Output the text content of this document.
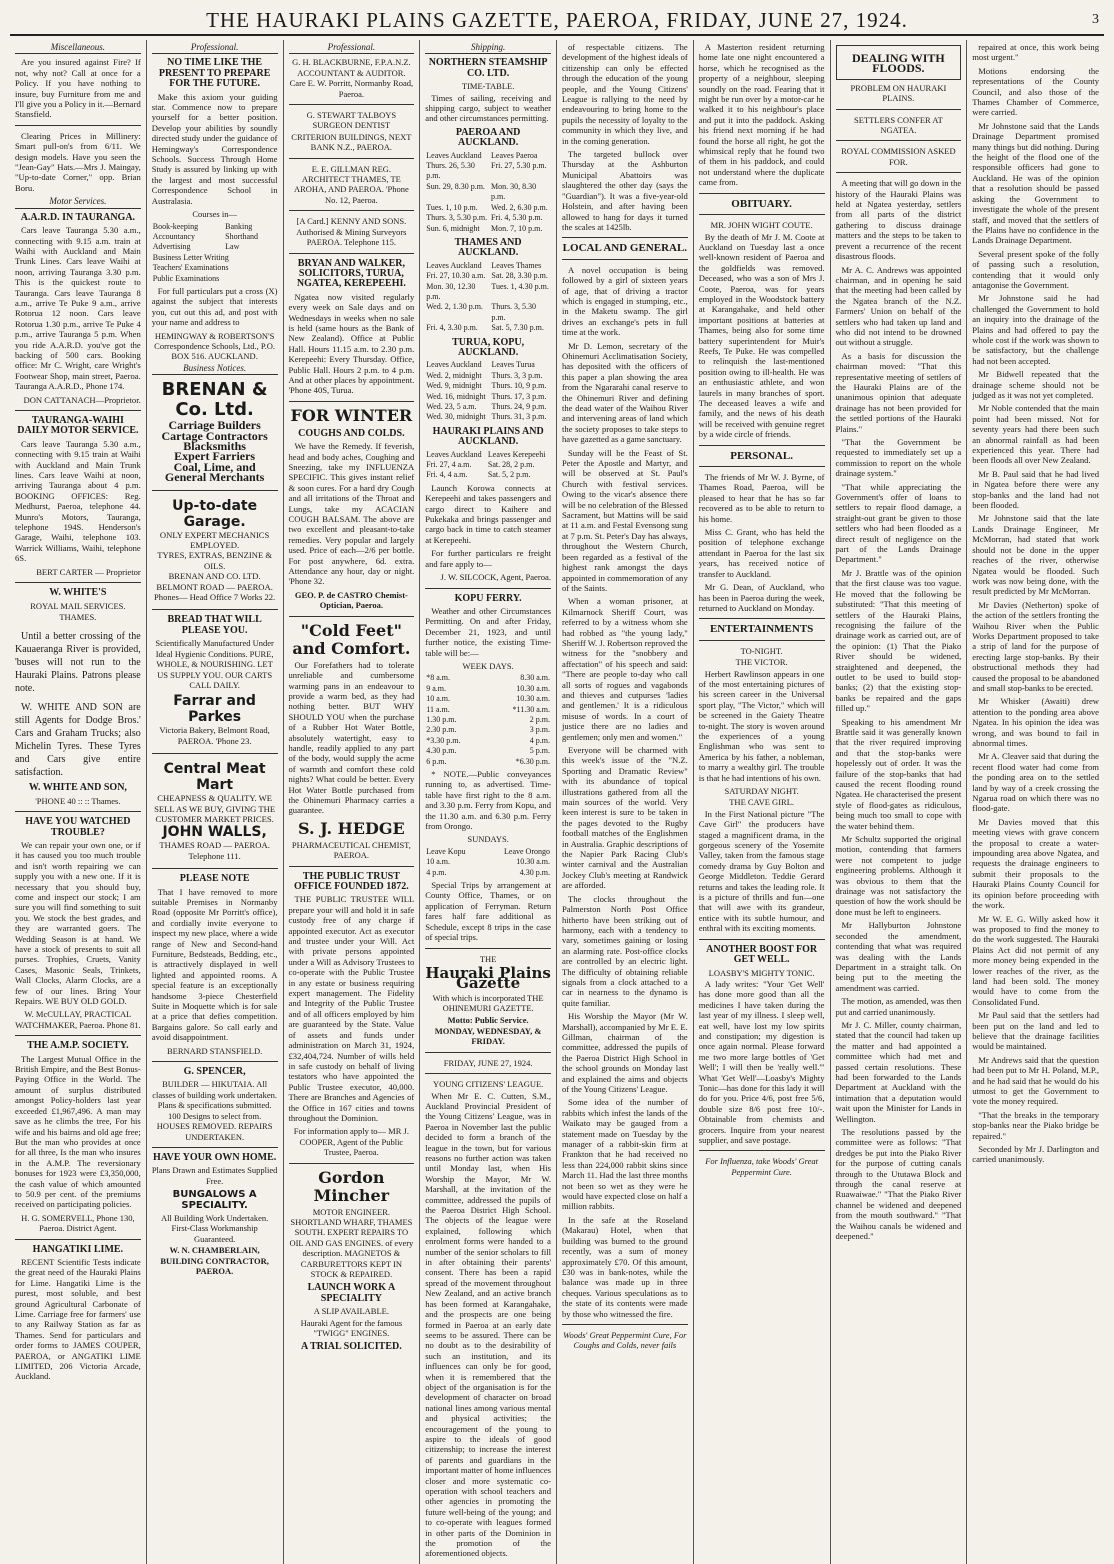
THE HAURAKI PLAINS GAZETTE, PAEROA, FRIDAY, JUNE 27, 1924.	3
Miscellaneous.

Are you insured against Fire? If not, why not? Call at once for a Policy. If you have nothing to insure, buy Furniture from me and I'll give you a Policy in it.—Bernard Stansfield.

Clearing Prices in Millinery: Smart pull-on's from 6/11. We design models. Have you seen the "Jean-Gay" Hats.—Mrs J. Maingay, "Up-to-date Corner," opp. Brian Boru.

Motor Services.
A.A.R.D. IN TAURANGA.

Cars leave Tauranga 5.30 a.m., connecting with 9.15 a.m. train at Waihi with Auckland and Main Trunk Lines. Cars leave Waihi at noon, arriving Tauranga 3.30 p.m. This is the quickest route to Tauranga. Cars leave Tauranga 8 a.m., arrive Te Puke 9 a.m., arrive Rotorua 12 noon. Cars leave Rotorua 1.30 p.m., arrive Te Puke 4 p.m., arrive Tauranga 5 p.m. When you ride A.A.R.D. you've got the backing of 500 cars. Booking office: Mr C. Wright, care Wright's Footwear Shop, main street, Paeroa. Tauranga A.A.R.D., Phone 174.

DON CATTANACH—Proprietor.

TAURANGA-WAIHI DAILY MOTOR SERVICE.

Cars leave Tauranga 5.30 a.m., connecting with 9.15 train at Waihi with Auckland and Main Trunk lines. Cars leave Waihi at noon, arriving Tauranga about 4 p.m. BOOKING OFFICES: Reg. Medhurst, Paeroa, telephone 44. Munro's Motors, Tauranga, telephone 194S. Henderson's Garage, Waihi, telephone 103. Warrick Williams, Waihi, telephone 6S.

BERT CARTER — Proprietor

W. WHITE'S
ROYAL MAIL SERVICES.
THAMES.

Until a better crossing of the Kauaeranga River is provided, 'buses will not run to the Hauraki Plains. Patrons please note.

W. WHITE AND SON are still Agents for Dodge Bros.' Cars and Graham Trucks; also Michelin Tyres. These Tyres and Cars give entire satisfaction.

W. WHITE AND SON,
'PHONE 40 :: :: Thames.
HAVE YOU WATCHED TROUBLE?

We can repair your own one, or if it has caused you too much trouble and isn't worth repairing we can supply you with a new one. If it is necessary that you should buy, come and inspect our stock; I am sure you will find something to suit you. We stock the best grades, and they are warranted goers. The Wedding Season is at hand. We have a stock of presents to suit all purses. Trophies, Cruets, Vanity Cases, Masonic Seals, Trinkets, Wall Clocks, Alarm Clocks, are a few of our lines. Bring Your Repairs. WE BUY OLD GOLD.

W. McCULLAY, PRACTICAL WATCHMAKER, Paeroa. Phone 81.

THE A.M.P. SOCIETY.

The Largest Mutual Office in the British Empire, and the Best Bonus-Paying Office in the World. The amount of surplus distributed amongst Policy-holders last year exceeded £1,967,496. A man may save as he climbs the tree, For his wife and his bairns and old age free; But the man who provides at once for all three, Is the man who insures in the A.M.P. The reversionary bonuses for 1923 were £3,350,000, the cash value of which amounted to 50.9 per cent. of the premiums received on participating policies.

H. G. SOMERVELL, Phone 130, Paeroa. District Agent.

HANGATIKI LIME.

RECENT Scientific Tests indicate the great need of the Hauraki Plains for Lime. Hangatiki Lime is the purest, most soluble, and best ground Agricultural Carbonate of Lime. Carriage free for farmers' use to any Railway Station as far as Thames. Send for particulars and order forms to JAMES COUPER, PAEROA, or ANGATIKI LIME LIMITED, 206 Victoria Arcade, Auckland.

Professional.
NO TIME LIKE THE PRESENT TO PREPARE FOR THE FUTURE.

Make this axiom your guiding star. Commence now to prepare yourself for a better position. Develop your abilities by soundly directed study under the guidance of Hemingway's Correspondence Schools. Success Through Home Study is assured by linking up with the largest and most successful Correspondence School in Australasia.

Courses in—
Book-keeping	Banking
Accountancy	Shorthand
Advertising	Law
Business Letter Writing	
Teachers' Examinations	
Public Examinations	

For full particulars put a cross (X) against the subject that interests you, cut out this ad, and post with your name and address to

HEMINGWAY & ROBERTSON'S Correspondence Schools, Ltd., P.O. BOX 516. AUCKLAND.

Business Notices.
BRENAN & Co. Ltd.
Carriage Builders
Cartage Contractors
Blacksmiths
Expert Farriers
Coal, Lime, and
General Merchants
Up-to-date Garage.
ONLY EXPERT MECHANICS EMPLOYED.
TYRES, EXTRAS, BENZINE & OILS.
BRENAN AND CO. LTD. BELMONT ROAD — PAEROA. Phones— Head Office 7 Works 22.
BREAD THAT WILL PLEASE YOU.

Scientifically Manufactured Under Ideal Hygienic Conditions. PURE, WHOLE, & NOURISHING. LET US SUPPLY YOU. OUR CARTS CALL DAILY.

Farrar and Parkes
Victoria Bakery, Belmont Road, PAEROA. 'Phone 23.
Central Meat Mart
CHEAPNESS & QUALITY. WE SELL AS WE BUY, GIVING THE CUSTOMER MARKET PRICES.
JOHN WALLS,
THAMES ROAD — PAEROA. Telephone 111.
PLEASE NOTE

That I have removed to more suitable Premises in Normanby Road (opposite Mr Porritt's office), and cordially invite everyone to inspect my new place, where a wide range of New and Second-hand Furniture, Bedsteads, Bedding, etc., is attractively displayed in well lighted and appointed rooms. A special feature is an exceptionally handsome 3-piece Chesterfield Suite in Moquette which is for sale at a price that defies competition. Bargains galore. So call early and avoid disappointment.

BERNARD STANSFIELD.

G. SPENCER,

BUILDER — HIKUTAIA. All classes of building work undertaken. Plans & specifications submitted. 100 Designs to select from. HOUSES REMOVED. REPAIRS UNDERTAKEN.

HAVE YOUR OWN HOME.

Plans Drawn and Estimates Supplied Free.

BUNGALOWS A SPECIALITY.

All Building Work Undertaken. First-Class Workmanship Guaranteed.

W. N. CHAMBERLAIN, BUILDING CONTRACTOR, PAEROA.

Professional.

G. H. BLACKBURNE, F.P.A.N.Z. ACCOUNTANT & AUDITOR. Care E. W. Porritt, Normanby Road, Paeroa.

G. STEWART TALBOYS SURGEON DENTIST

CRITERION BUILDINGS, NEXT BANK N.Z., PAEROA.

E. E. GILLMAN REG. ARCHITECT THAMES, TE AROHA, AND PAEROA. 'Phone No. 12, Paeroa.

[A Card.] KENNY AND SONS. Authorised & Mining Surveyors PAEROA. Telephone 115.

BRYAN AND WALKER, SOLICITORS, TURUA, NGATEA, KEREPEEHI.

Ngatea now visited regularly every week on Sale days and on Wednesdays in weeks when no sale is held (same hours as the Bank of New Zealand). Office at Public Hall. Hours 11.15 a.m. to 2.30 p.m. Kerepeehi: Every Thursday. Office, Public Hall. Hours 2 p.m. to 4 p.m. And at other places by appointment. 'Phone 40S, Turua.

FOR WINTER
COUGHS AND COLDS.

We have the Remedy. If feverish, head and body aches, Coughing and Sneezing, take my INFLUENZA SPECIFIC. This gives instant relief & soon cures. For a hard dry Cough and all irritations of the Throat and Lungs, take my ACACIAN COUGH BALSAM. The above are two excellent and pleasant-to-take remedies. Very popular and largely used. Price of each—2/6 per bottle. For post anywhere, 6d. extra. Attendance any hour, day or night. 'Phone 32.

GEO. P. de CASTRO Chemist-Optician, Paeroa.

"Cold Feet" and Comfort.

Our Forefathers had to tolerate unreliable and cumbersome warming pans in an endeavour to provide a warm bed, as they had nothing better. BUT WHY SHOULD YOU when the purchase of a Rubber Hot Water Bottle, absolutely watertight, easy to handle, readily applied to any part of the body, would supply the acme of warmth and comfort these cold nights? What could be better. Every Hot Water Bottle purchased from the Ohinemuri Pharmacy carries a guarantee.

S. J. HEDGE
PHARMACEUTICAL CHEMIST, PAEROA.
THE PUBLIC TRUST OFFICE FOUNDED 1872.

THE PUBLIC TRUSTEE WILL prepare your will and hold it in safe custody free of any charge if appointed executor. Act as executor and trustee under your Will. Act with private persons appointed under a Will as Advisory Trustees to co-operate with the Public Trustee in any estate or business requiring expert management. The Fidelity and Integrity of the Public Trustee and of all officers employed by him are guaranteed by the State. Value of assets and funds under administration on March 31, 1924, £32,404,724. Number of wills held in safe custody on behalf of living testators who have appointed the Public Trustee executor, 40,000. There are Branches and Agencies of the Office in 167 cities and towns throughout the Dominion.

For information apply to— MR J. COOPER, Agent of the Public Trustee, Paeroa.

Gordon Mincher

MOTOR ENGINEER. SHORTLAND WHARF, THAMES SOUTH. EXPERT REPAIRS TO OIL AND GAS ENGINES. of every description. MAGNETOS & CARBURETTORS KEPT IN STOCK & REPAIRED.

LAUNCH WORK A SPECIALITY
A SLIP AVAILABLE.

Hauraki Agent for the famous "TWIGG" ENGINES.

A TRIAL SOLICITED.
Shipping.
NORTHERN STEAMSHIP CO. LTD.
TIME-TABLE.

Times of sailing, receiving and shipping cargo, subject to weather and other circumstances permitting.

PAEROA AND AUCKLAND.
Leaves Auckland	Leaves Paeroa
Thurs. 26, 5.30 p.m.	Fri. 27, 5.30 p.m.
Sun. 29, 8.30 p.m.	Mon. 30, 8.30 p.m.
Tues. 1, 10 p.m.	Wed. 2, 6.30 p.m.
Thurs. 3, 5.30 p.m.	Fri. 4, 5.30 p.m.
Sun. 6, midnight	Mon. 7, 10 p.m.
THAMES AND AUCKLAND.
Leaves Auckland	Leaves Thames
Fri. 27, 10.30 a.m.	Sat. 28, 3.30 p.m.
Mon. 30, 12.30 p.m.	Tues. 1, 4.30 p.m.
Wed. 2, 1.30 p.m.	Thurs. 3, 5.30 p.m.
Fri. 4, 3.30 p.m.	Sat. 5, 7.30 p.m.
TURUA, KOPU, AUCKLAND.
Leaves Auckland	Leaves Turua
Wed. 2, midnight	Thurs. 3, 3 p.m.
Wed. 9, midnight	Thurs. 10, 9 p.m.
Wed. 16, midnight	Thurs. 17, 3 p.m.
Wed. 23, 5 a.m.	Thurs. 24, 9 p.m.
Wed. 30, midnight	Thurs. 31, 3 p.m.
HAURAKI PLAINS AND AUCKLAND.
Leaves Auckland	Leaves Kerepeehi
Fri. 27, 4 a.m.	Sat. 28, 2 p.m.
Fri. 4, 4 a.m.	Sat. 5, 2 p.m.

Launch Korowa connects at Kerepeehi and takes passengers and cargo direct to Kaihere and Pukekaka and brings passenger and cargo back in time to catch steamer at Kerepeehi.

For further particulars re freight and fare apply to—

J. W. SILCOCK, Agent, Paeroa.

KOPU FERRY.

Weather and other Circumstances Permitting. On and after Friday, December 21, 1923, and until further notice, the existing Time-table will be:—

WEEK DAYS.
*8 a.m.	8.30 a.m.
9 a.m.	10.30 a.m.
10 a.m.	10.30 a.m.
11 a.m.	*11.30 a.m.
1.30 p.m.	2 p.m.
2.30 p.m.	3 p.m.
*3.30 p.m.	4 p.m.
4.30 p.m.	5 p.m.
6 p.m.	*6.30 p.m.

* NOTE.—Public conveyances running to, as advertised. Time-table have first right to the 8 a.m. and 3.30 p.m. Ferry from Kopu, and the 11.30 a.m. and 6.30 p.m. Ferry from Orongo.

SUNDAYS.
Leave Kopu	Leave Orongo
10 a.m.	10.30 a.m.
4 p.m.	4.30 p.m.

Special Trips by arrangement at County Office, Thames, or on application of Ferryman. Return fares half fare additional as Schedule, except 8 trips in the case of special trips.

THE
Hauraki Plains Gazette
With which is incorporated THE OHINEMURI GAZETTE.
Motto: Public Service.
MONDAY, WEDNESDAY, & FRIDAY.
FRIDAY, JUNE 27, 1924.
YOUNG CITIZENS' LEAGUE.

When Mr E. C. Cutten, S.M., Auckland Provincial President of the Young Citizens' League, was in Paeroa in November last the public decided to form a branch of the league in the town, but for various reasons no further action was taken until Monday last, when His Worship the Mayor, Mr W. Marshall, at the invitation of the committee, addressed the pupils of the Paeroa District High School. The objects of the league were explained, following which enrolment forms were handed to a number of the senior scholars to fill in after obtaining their parents' consent. There has been a rapid spread of the movement throughout New Zealand, and an active branch has been formed at Karangahake, and the prospects are one being formed in Paeroa at an early date seems to be assured. There can be no doubt as to the desirability of such an institution, and its influences can only be for good, when it is remembered that the object of the organisation is for the development of character on broad national lines among various mental and physical activities; the encouragement of the young to aspire to the ideals of good citizenship; to increase the interest of parents and guardians in the important matter of home influences closer and more systematic co-operation with school teachers and other agencies in promoting the future well-being of the young; and to co-operate with leagues formed in other parts of the Dominion in the promotion of the aforementioned objects.

of respectable citizens. The development of the highest ideals of citizenship can only be effected through the education of the young people, and the Young Citizens' League is rallying to the need by endeavouring to bring home to the pupils the necessity of loyalty to the community in which they live, and in the coming generation.

The targeted bullock over Thursday at the Ashburton Municipal Abattoirs was slaughtered the other day (says the "Guardian"). It was a five-year-old Holstein, and after having been allowed to hang for days it turned the scales at 1425lb.

LOCAL AND GENERAL.

A novel occupation is being followed by a girl of sixteen years of age, that of driving a tractor which is engaged in stumping, etc., in the Maketu swamp. The girl drives an exchange's pets in full time at the work.

Mr D. Lemon, secretary of the Ohinemuri Acclimatisation Society, has deposited with the officers of this paper a plan showing the area from the Ngararahi canal reserve to the Ohinemuri River and defining the dead water of the Waihou River and intervening areas of land which the society proposes to take steps to have gazetted as a game sanctuary.

Sunday will be the Feast of St. Peter the Apostle and Martyr, and will be observed at St. Paul's Church with festival services. Owing to the vicar's absence there will be no celebration of the Blessed Sacrament, but Mattins will be said at 11 a.m. and Festal Evensong sung at 7 p.m. St. Peter's Day has always, throughout the Western Church, been regarded as a festival of the highest rank amongst the days appointed in commemoration of any of the Saints.

When a woman prisoner, at Kilmarnock Sheriff Court, was referred to by a witness whom she had robbed as "the young lady," Sheriff W. J. Robertson reproved the witness for the "snobbery and affectation" of his speech and said: "There are people to-day who call all sorts of rogues and vagabonds and thieves and cutpurses 'ladies and gentlemen.' It is a ridiculous misuse of words. In a court of justice there are no ladies and gentlemen; only men and women."

Everyone will be charmed with this week's issue of the "N.Z. Sporting and Dramatic Review" with its abundance of topical illustrations gathered from all the main sources of the world. Very keen interest is sure to be taken in the pages devoted to the Rugby football matches of the Englishmen in Australia. Graphic descriptions of the Napier Park Racing Club's winter carnival and the Australian Jockey Club's meeting at Randwick are afforded.

The clocks throughout the Palmerston North Post Office hitherto have been striking out of harmony, each with a tendency to vary, sometimes gaining or losing an alarming rate. Post-office clocks are controlled by an electric light. The difficulty of obtaining reliable signals from a clock attached to a car in nearness to the dynamo is quite familiar.

His Worship the Mayor (Mr W. Marshall), accompanied by Mr E. E. Gillman, chairman of the committee, addressed the pupils of the Paeroa District High School in the school grounds on Monday last and explained the aims and objects of the Young Citizens' League.

Some idea of the number of rabbits which infest the lands of the Waikato may be gauged from a statement made on Tuesday by the manager of a rabbit-skin firm at Frankton that he had received no less than 224,000 rabbit skins since March 11. Had the last three months not been so wet as they were he would have expected close on half a million rabbits.

In the safe at the Roseland (Makarau) Hotel, when that building was burned to the ground recently, was a sum of money approximately £70. Of this amount, £30 was in bank-notes, while the balance was made up in three cheques. Various speculations as to the state of its contents were made by those who witnessed the fire.

Woods' Great Peppermint Cure, For Coughs and Colds, never fails

A Masterton resident returning home late one night encountered a horse, which he recognised as the property of a neighbour, sleeping soundly on the road. Fearing that it might be run over by a motor-car he walked it to his neighbour's place and put it into the paddock. Asking his friend next morning if he had found the horse all right, he got the whimsical reply that he found two of them in his paddock, and could not understand where the duplicate came from.

OBITUARY.
MR. JOHN WIGHT COUTE.

By the death of Mr J. M. Coote at Auckland on Tuesday last a once well-known resident of Paeroa and the goldfields was removed. Deceased, who was a son of Mrs J. Coote, Paeroa, was for years employed in the Woodstock battery at Karangahake, and held other important positions at batteries at Thames, being also for some time battery superintendent for Muir's Reefs, Te Puke. He was compelled to relinquish the last-mentioned position owing to ill-health. He was an enthusiastic athlete, and won laurels in many branches of sport. The deceased leaves a wife and family, and the news of his death will be received with genuine regret by a wide circle of friends.

PERSONAL.

The friends of Mr W. J. Byrne, of Thames Road, Paeroa, will be pleased to hear that he has so far recovered as to be able to return to his home.

Miss C. Grant, who has held the position of telephone exchange attendant in Paeroa for the last six years, has received notice of transfer to Auckland.

Mr G. Dean, of Auckland, who has been in Paeroa during the week, returned to Auckland on Monday.

ENTERTAINMENTS
TO-NIGHT.
THE VICTOR.

Herbert Rawlinson appears in one of the most entertaining pictures of his screen career in the Universal sport play, "The Victor," which will be screened in the Gaiety Theatre to-night. The story is woven around the experiences of a young Englishman who was sent to America by his father, a nobleman, to marry a wealthy girl. The trouble is that he had intentions of his own.

SATURDAY NIGHT.
THE CAVE GIRL.

In the First National picture "The Cave Girl" the producers have staged a magnificent drama, in the gorgeous scenery of the Yosemite Valley, taken from the famous stage comedy drama by Guy Bolton and George Middleton. Teddie Gerard returns and takes the leading role. It is a picture of thrills and fun—one that will awe with its grandeur, entice with its subtle humour, and enthral with its exciting moments.

ANOTHER BOOST FOR GET WELL.
LOASBY'S MIGHTY TONIC.

A lady writes: "Your 'Get Well' has done more good than all the medicines I have taken during the last year of my illness. I sleep well, eat well, have lost my low spirits and constipation; my digestion is once again normal. Please forward me two more large bottles of 'Get Well'; I will then be 'really well.'" What 'Get Well'—Loasby's Mighty Tonic—has done for this lady it will do for you. Price 4/6, post free 5/6, double size 8/6 post free 10/-. Obtainable from chemists and grocers. Inquire from your nearest supplier, and save postage.

For Influenza, take Woods' Great Peppermint Cure.

DEALING WITH FLOODS.
PROBLEM ON HAURAKI PLAINS.
SETTLERS CONFER AT NGATEA.
ROYAL COMMISSION ASKED FOR.

A meeting that will go down in the history of the Hauraki Plains was held at Ngatea yesterday, settlers from all parts of the district gathering to discuss drainage matters and the steps to be taken to prevent a recurrence of the recent disastrous floods.

Mr A. C. Andrews was appointed chairman, and in opening he said that the meeting had been called by the Ngatea branch of the N.Z. Farmers' Union on behalf of the settlers who had taken up land and who did not intend to be drowned out without a struggle.

As a basis for discussion the chairman moved: "That this representative meeting of settlers of the Hauraki Plains are of the unanimous opinion that adequate drainage has not been provided for the settled portions of the Hauraki Plains."

"That the Government be requested to immediately set up a commission to report on the whole drainage system."

"That while appreciating the Government's offer of loans to settlers to repair flood damage, a straight-out grant be given to those settlers who had been flooded as a direct result of negligence on the part of the Lands Drainage Department."

Mr J. Brattle was of the opinion that the first clause was too vague. He moved that the following be substituted: "That this meeting of settlers of the Hauraki Plains, recognising the failure of the drainage work as carried out, are of the opinion: (1) That the Piako River should be widened, straightened and deepened, the outlet to be used to build stop-banks; (2) that the existing stop-banks be repaired and the gaps filled up."

Speaking to his amendment Mr Brattle said it was generally known that the river required improving and that the stop-banks were hopelessly out of order. It was the failure of the stop-banks that had caused the recent flooding round Ngatea. He characterised the present style of flood-gates as ridiculous, being much too small to cope with the water behind them.

Mr Schultz supported the original motion, contending that farmers were not competent to judge engineering problems. Although it was obvious to them that the drainage was not satisfactory the question of how the work should be done must be left to engineers.

Mr Hallyburton Johnstone seconded the amendment, contending that what was required was dealing with the Lands Department in a straight talk. On being put to the meeting the amendment was carried.

The motion, as amended, was then put and carried unanimously.

Mr J. C. Miller, county chairman, stated that the council had taken up the matter and had appointed a committee which had met and passed certain resolutions. These had been forwarded to the Lands Department at Auckland with the intimation that a deputation would wait upon the Minister for Lands in Wellington.

The resolutions passed by the committee were as follows: "That dredges be put into the Piako River for the purpose of cutting canals through to the Ututawa Block and through the canal reserve at Ruawaiwae." "That the Piako River channel be widened and deepened from the mouth southward." "That the Waihou canals be widened and deepened."

repaired at once, this work being most urgent."

Motions endorsing the representations of the County Council, and also those of the Thames Chamber of Commerce, were carried.

Mr Johnstone said that the Lands Drainage Department promised many things but did nothing. During the height of the flood one of the responsible officers had gone to Auckland. He was of the opinion that a resolution should be passed asking the Government to investigate the whole of the present staff, and moved that the settlers of the Plains have no confidence in the Lands Drainage Department.

Several present spoke of the folly of passing such a resolution, contending that it would only antagonise the Government.

Mr Johnstone said he had challenged the Government to hold an inquiry into the drainage of the Plains and had offered to pay the whole cost if the work was shown to be satisfactory, but the challenge had not been accepted.

Mr Bidwell repeated that the drainage scheme should not be judged as it was not yet completed.

Mr Noble contended that the main point had been missed. Not for seventy years had there been such an abnormal rainfall as had been experienced this year. There had been floods all over New Zealand.

Mr B. Paul said that he had lived in Ngatea before there were any stop-banks and the land had not been flooded.

Mr Johnstone said that the late Lands Drainage Engineer, Mr McMorran, had stated that work should not be done in the upper reaches of the river, otherwise Ngatea would be flooded. Such work was now being done, with the result predicted by Mr McMorran.

Mr Davies (Netherton) spoke of the action of the settlers fronting the Waihou River when the Public Works Department proposed to take a strip of land for the purpose of erecting large stop-banks. By their obstructional methods they had caused the proposal to be abandoned and small stop-banks to be erected.

Mr Whisker (Awaiti) drew attention to the ponding area above Ngatea. In his opinion the idea was wrong, and was bound to fail in abnormal times.

Mr A. Cleaver said that during the recent flood water had come from the ponding area on to the settled land by way of a creek crossing the Ngarua road on which there was no flood-gate.

Mr Davies moved that this meeting views with grave concern the proposal to create a water-impounding area above Ngatea, and requests the drainage engineers to submit their proposals to the Hauraki Plains County Council for its opinion before proceeding with the work.

Mr W. E. G. Willy asked how it was proposed to find the money to do the work suggested. The Hauraki Plains Act did not permit of any more money being expended in the lower reaches of the river, as the land had been sold. The money would have to come from the Consolidated Fund.

Mr Paul said that the settlers had been put on the land and led to believe that the drainage facilities would be maintained.

Mr Andrews said that the question had been put to Mr H. Poland, M.P., and he had said that he would do his utmost to get the Government to vote the money required.

"That the breaks in the temporary stop-banks near the Piako bridge be repaired."

Seconded by Mr J. Darlington and carried unanimously.
